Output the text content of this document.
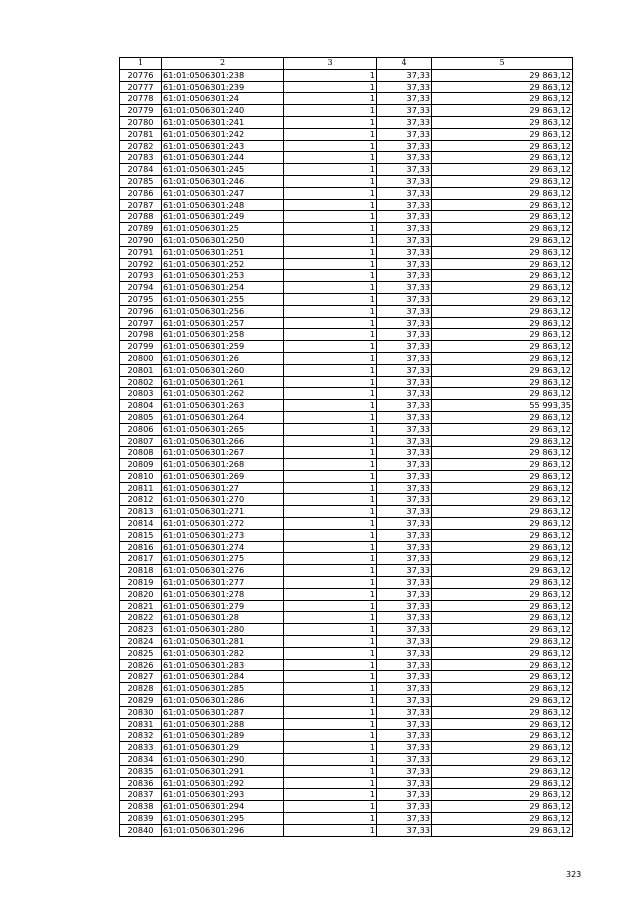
1	2	3	4	5
20776	61:01:0506301:238	1	37,33	29 863,12
20777	61:01:0506301:239	1	37,33	29 863,12
20778	61:01:0506301:24	1	37,33	29 863,12
20779	61:01:0506301:240	1	37,33	29 863,12
20780	61:01:0506301:241	1	37,33	29 863,12
20781	61:01:0506301:242	1	37,33	29 863,12
20782	61:01:0506301:243	1	37,33	29 863,12
20783	61:01:0506301:244	1	37,33	29 863,12
20784	61:01:0506301:245	1	37,33	29 863,12
20785	61:01:0506301:246	1	37,33	29 863,12
20786	61:01:0506301:247	1	37,33	29 863,12
20787	61:01:0506301:248	1	37,33	29 863,12
20788	61:01:0506301:249	1	37,33	29 863,12
20789	61:01:0506301:25	1	37,33	29 863,12
20790	61:01:0506301:250	1	37,33	29 863,12
20791	61:01:0506301:251	1	37,33	29 863,12
20792	61:01:0506301:252	1	37,33	29 863,12
20793	61:01:0506301:253	1	37,33	29 863,12
20794	61:01:0506301:254	1	37,33	29 863,12
20795	61:01:0506301:255	1	37,33	29 863,12
20796	61:01:0506301:256	1	37,33	29 863,12
20797	61:01:0506301:257	1	37,33	29 863,12
20798	61:01:0506301:258	1	37,33	29 863,12
20799	61:01:0506301:259	1	37,33	29 863,12
20800	61:01:0506301:26	1	37,33	29 863,12
20801	61:01:0506301:260	1	37,33	29 863,12
20802	61:01:0506301:261	1	37,33	29 863,12
20803	61:01:0506301:262	1	37,33	29 863,12
20804	61:01:0506301:263	1	37,33	55 993,35
20805	61:01:0506301:264	1	37,33	29 863,12
20806	61:01:0506301:265	1	37,33	29 863,12
20807	61:01:0506301:266	1	37,33	29 863,12
20808	61:01:0506301:267	1	37,33	29 863,12
20809	61:01:0506301:268	1	37,33	29 863,12
20810	61:01:0506301:269	1	37,33	29 863,12
20811	61:01:0506301:27	1	37,33	29 863,12
20812	61:01:0506301:270	1	37,33	29 863,12
20813	61:01:0506301:271	1	37,33	29 863,12
20814	61:01:0506301:272	1	37,33	29 863,12
20815	61:01:0506301:273	1	37,33	29 863,12
20816	61:01:0506301:274	1	37,33	29 863,12
20817	61:01:0506301:275	1	37,33	29 863,12
20818	61:01:0506301:276	1	37,33	29 863,12
20819	61:01:0506301:277	1	37,33	29 863,12
20820	61:01:0506301:278	1	37,33	29 863,12
20821	61:01:0506301:279	1	37,33	29 863,12
20822	61:01:0506301:28	1	37,33	29 863,12
20823	61:01:0506301:280	1	37,33	29 863,12
20824	61:01:0506301:281	1	37,33	29 863,12
20825	61:01:0506301:282	1	37,33	29 863,12
20826	61:01:0506301:283	1	37,33	29 863,12
20827	61:01:0506301:284	1	37,33	29 863,12
20828	61:01:0506301:285	1	37,33	29 863,12
20829	61:01:0506301:286	1	37,33	29 863,12
20830	61:01:0506301:287	1	37,33	29 863,12
20831	61:01:0506301:288	1	37,33	29 863,12
20832	61:01:0506301:289	1	37,33	29 863,12
20833	61:01:0506301:29	1	37,33	29 863,12
20834	61:01:0506301:290	1	37,33	29 863,12
20835	61:01:0506301:291	1	37,33	29 863,12
20836	61:01:0506301:292	1	37,33	29 863,12
20837	61:01:0506301:293	1	37,33	29 863,12
20838	61:01:0506301:294	1	37,33	29 863,12
20839	61:01:0506301:295	1	37,33	29 863,12
20840	61:01:0506301:296	1	37,33	29 863,12
323
